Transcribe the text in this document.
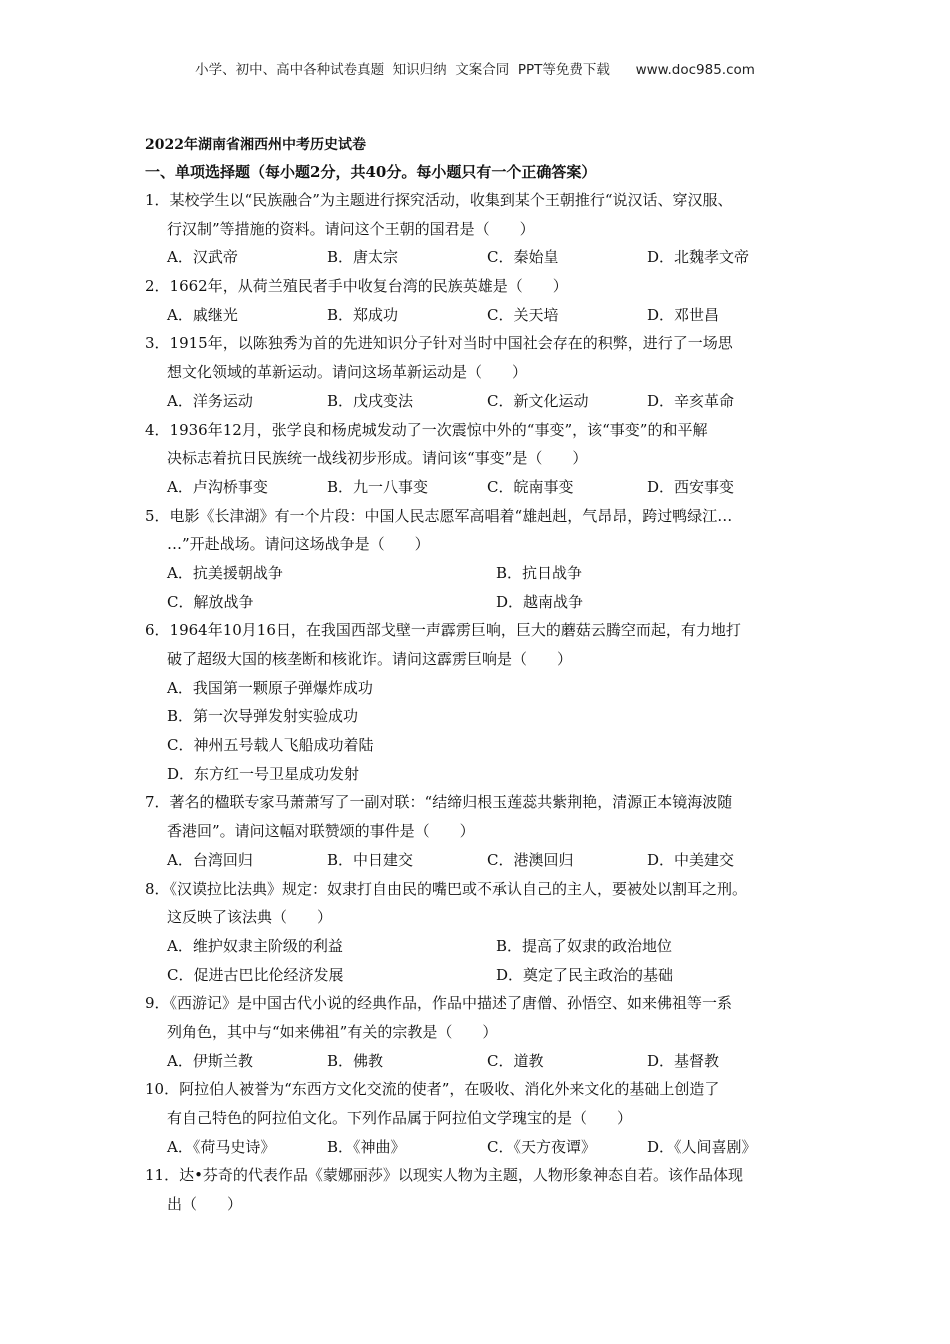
小学、初中、高中各种试卷真题  知识归纳  文案合同  PPT等免费下载      www.doc985.com
2022年湖南省湘西州中考历史试卷
一、单项选择题（每小题2分，共40分。每小题只有一个正确答案）
1．某校学生以“民族融合”为主题进行探究活动，收集到某个王朝推行“说汉话、穿汉服、
行汉制”等措施的资料。请问这个王朝的国君是（　　）
A．汉武帝	B．唐太宗	C．秦始皇	D．北魏孝文帝
2．1662年，从荷兰殖民者手中收复台湾的民族英雄是（　　）
A．戚继光	B．郑成功	C．关天培	D．邓世昌
3．1915年，以陈独秀为首的先进知识分子针对当时中国社会存在的积弊，进行了一场思
想文化领域的革新运动。请问这场革新运动是（　　）
A．洋务运动	B．戊戌变法	C．新文化运动	D．辛亥革命
4．1936年12月，张学良和杨虎城发动了一次震惊中外的“事变”，该“事变”的和平解
决标志着抗日民族统一战线初步形成。请问该“事变”是（　　）
A．卢沟桥事变	B．九一八事变	C．皖南事变	D．西安事变
5．电影《长津湖》有一个片段：中国人民志愿军高唱着“雄赳赳，气昂昂，跨过鸭绿江…
…”开赴战场。请问这场战争是（　　）
A．抗美援朝战争	B．抗日战争
C．解放战争	D．越南战争
6．1964年10月16日，在我国西部戈壁一声霹雳巨响，巨大的蘑菇云腾空而起，有力地打
破了超级大国的核垄断和核讹诈。请问这霹雳巨响是（　　）
A．我国第一颗原子弹爆炸成功
B．第一次导弹发射实验成功
C．神州五号载人飞船成功着陆
D．东方红一号卫星成功发射
7．著名的楹联专家马萧萧写了一副对联：“结缔归根玉莲蕊共紫荆艳，清源正本镜海波随
香港回”。请问这幅对联赞颂的事件是（　　）
A．台湾回归	B．中日建交	C．港澳回归	D．中美建交
8．《汉谟拉比法典》规定：奴隶打自由民的嘴巴或不承认自己的主人，要被处以割耳之刑。
这反映了该法典（　　）
A．维护奴隶主阶级的利益	B．提高了奴隶的政治地位
C．促进古巴比伦经济发展	D．奠定了民主政治的基础
9．《西游记》是中国古代小说的经典作品，作品中描述了唐僧、孙悟空、如来佛祖等一系
列角色，其中与“如来佛祖”有关的宗教是（　　）
A．伊斯兰教	B．佛教	C．道教	D．基督教
10．阿拉伯人被誉为“东西方文化交流的使者”，在吸收、消化外来文化的基础上创造了
有自己特色的阿拉伯文化。下列作品属于阿拉伯文学瑰宝的是（　　）
A．《荷马史诗》	B．《神曲》	C．《天方夜谭》	D．《人间喜剧》
11．达•芬奇的代表作品《蒙娜丽莎》以现实人物为主题，人物形象神态自若。该作品体现
出（　　）
